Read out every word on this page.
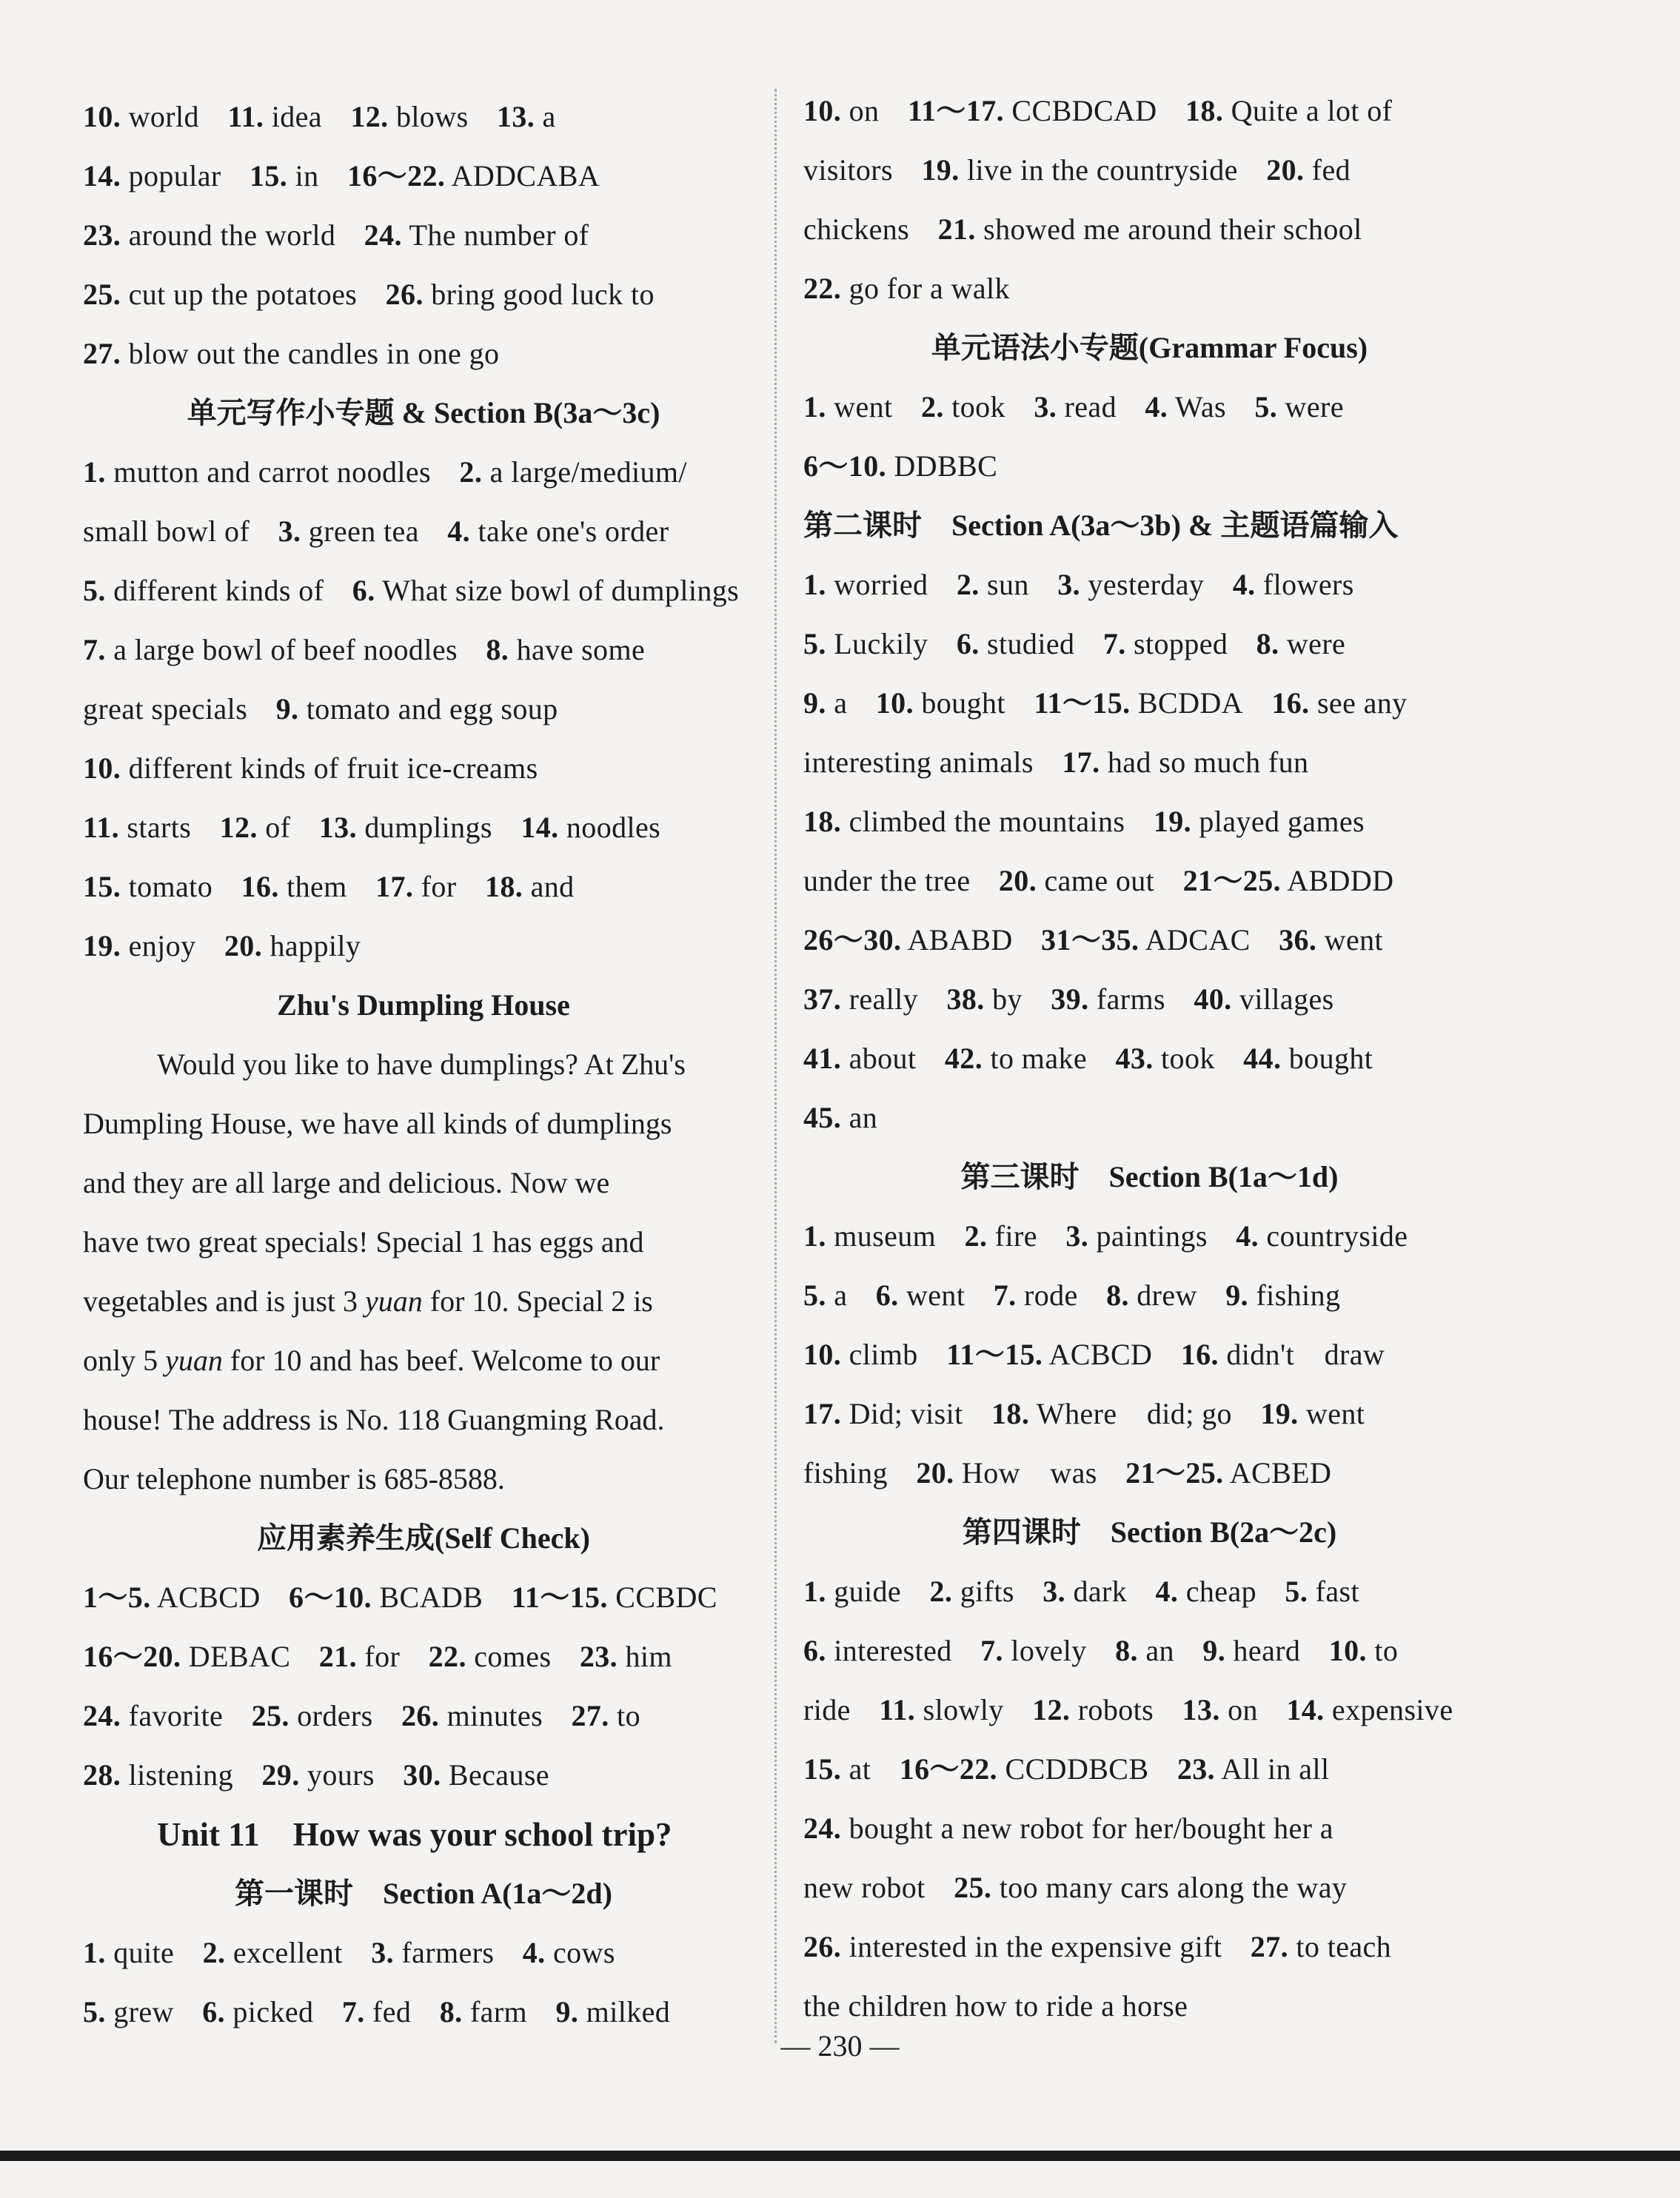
10. world 11. idea 12. blows 13. a
14. popular 15. in 16～22. ADDCABA
23. around the world 24. The number of
25. cut up the potatoes 26. bring good luck to
27. blow out the candles in one go
单元写作小专题 & Section B(3a～3c)
1. mutton and carrot noodles 2. a large/medium/
small bowl of 3. green tea 4. take one's order
5. different kinds of 6. What size bowl of dumplings
7. a large bowl of beef noodles 8. have some
great specials 9. tomato and egg soup
10. different kinds of fruit ice-creams
11. starts 12. of 13. dumplings 14. noodles
15. tomato 16. them 17. for 18. and
19. enjoy 20. happily
Zhu's Dumpling House
Would you like to have dumplings? At Zhu's
Dumpling House, we have all kinds of dumplings
and they are all large and delicious. Now we
have two great specials! Special 1 has eggs and
vegetables and is just 3 yuan for 10. Special 2 is
only 5 yuan for 10 and has beef. Welcome to our
house! The address is No. 118 Guangming Road.
Our telephone number is 685-8588.
应用素养生成(Self Check)
1～5. ACBCD 6～10. BCADB 11～15. CCBDC
16～20. DEBAC 21. for 22. comes 23. him
24. favorite 25. orders 26. minutes 27. to
28. listening 29. yours 30. Because
Unit 11　How was your school trip?
第一课时　Section A(1a～2d)
1. quite 2. excellent 3. farmers 4. cows
5. grew 6. picked 7. fed 8. farm 9. milked
10. on 11～17. CCBDCAD 18. Quite a lot of
visitors 19. live in the countryside 20. fed
chickens 21. showed me around their school
22. go for a walk
单元语法小专题(Grammar Focus)
1. went 2. took 3. read 4. Was 5. were
6～10. DDBBC
第二课时　Section A(3a～3b) & 主题语篇输入
1. worried 2. sun 3. yesterday 4. flowers
5. Luckily 6. studied 7. stopped 8. were
9. a 10. bought 11～15. BCDDA 16. see any
interesting animals 17. had so much fun
18. climbed the mountains 19. played games
under the tree 20. came out 21～25. ABDDD
26～30. ABABD 31～35. ADCAC 36. went
37. really 38. by 39. farms 40. villages
41. about 42. to make 43. took 44. bought
45. an
第三课时　Section B(1a～1d)
1. museum 2. fire 3. paintings 4. countryside
5. a 6. went 7. rode 8. drew 9. fishing
10. climb 11～15. ACBCD 16. didn't　draw
17. Did; visit 18. Where　did; go 19. went
fishing 20. How　was 21～25. ACBED
第四课时　Section B(2a～2c)
1. guide 2. gifts 3. dark 4. cheap 5. fast
6. interested 7. lovely 8. an 9. heard 10. to
ride 11. slowly 12. robots 13. on 14. expensive
15. at 16～22. CCDDBCB 23. All in all
24. bought a new robot for her/bought her a
new robot 25. too many cars along the way
26. interested in the expensive gift 27. to teach
the children how to ride a horse
— 230 —
